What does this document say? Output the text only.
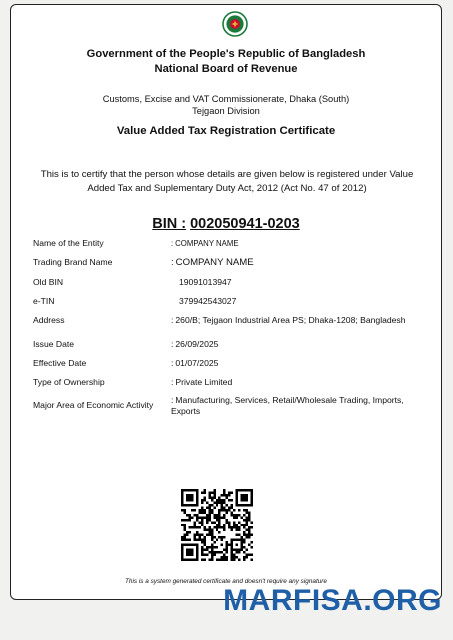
Government of the People's Republic of Bangladesh
National Board of Revenue
Customs, Excise and VAT Commissionerate, Dhaka (South)
Tejgaon Division
Value Added Tax Registration Certificate
This is to certify that the person whose details are given below is registered under Value Added Tax and Suplementary Duty Act, 2012 (Act No. 47 of 2012)
BIN : 002050941-0203
Name of the Entity	: COMPANY NAME
Trading Brand Name	: COMPANY NAME
Old BIN	19091013947
e-TIN	379942543027
Address	: 260/B; Tejgaon Industrial Area PS; Dhaka-1208; Bangladesh
Issue Date	: 26/09/2025
Effective Date	: 01/07/2025
Type of Ownership	: Private Limited
Major Area of Economic Activity : Manufacturing, Services, Retail/Wholesale Trading, Imports, Exports
This is a system generated certificate and doesn't require any signature
MARFISA.ORG
